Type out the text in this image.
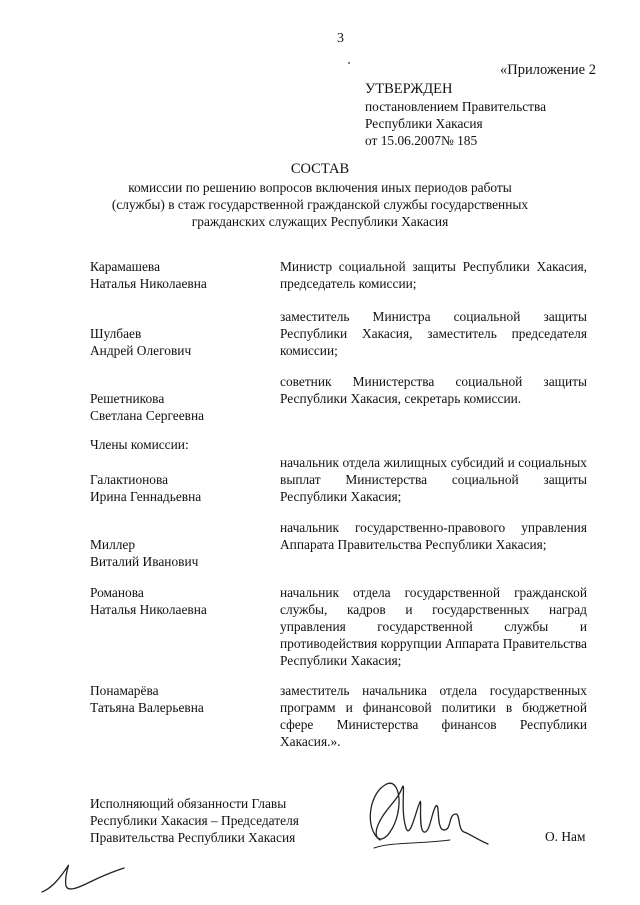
3
«Приложение 2
УТВЕРЖДЕН
постановлением Правительства
Республики Хакасия
от 15.06.2007№ 185
СОСТАВ
комиссии по решению вопросов включения иных периодов работы
(службы) в стаж государственной гражданской службы государственных
гражданских служащих Республики Хакасия
Карамашева
Наталья Николаевна
Министр социальной защиты Республики Хакасия, председатель комиссии;
Шулбаев
Андрей Олегович
заместитель Министра социальной защиты Республики Хакасия, заместитель председателя комиссии;
Решетникова
Светлана Сергеевна
советник Министерства социальной защиты Республики Хакасия, секретарь комиссии.
Члены комиссии:
Галактионова
Ирина Геннадьевна
начальник отдела жилищных субсидий и социальных выплат Министерства социальной защиты Республики Хакасия;
Миллер
Виталий Иванович
начальник государственно-правового управления Аппарата Правительства Республики Хакасия;
Романова
Наталья Николаевна
начальник отдела государственной гражданской службы, кадров и государственных наград управления государственной службы и противодействия коррупции Аппарата Правительства Республики Хакасия;
Понамарёва
Татьяна Валерьевна
заместитель начальника отдела государственных программ и финансовой политики в бюджетной сфере Министерства финансов Республики Хакасия.».
Исполняющий обязанности Главы
Республики Хакасия – Председателя
Правительства Республики Хакасия	О. Нам
